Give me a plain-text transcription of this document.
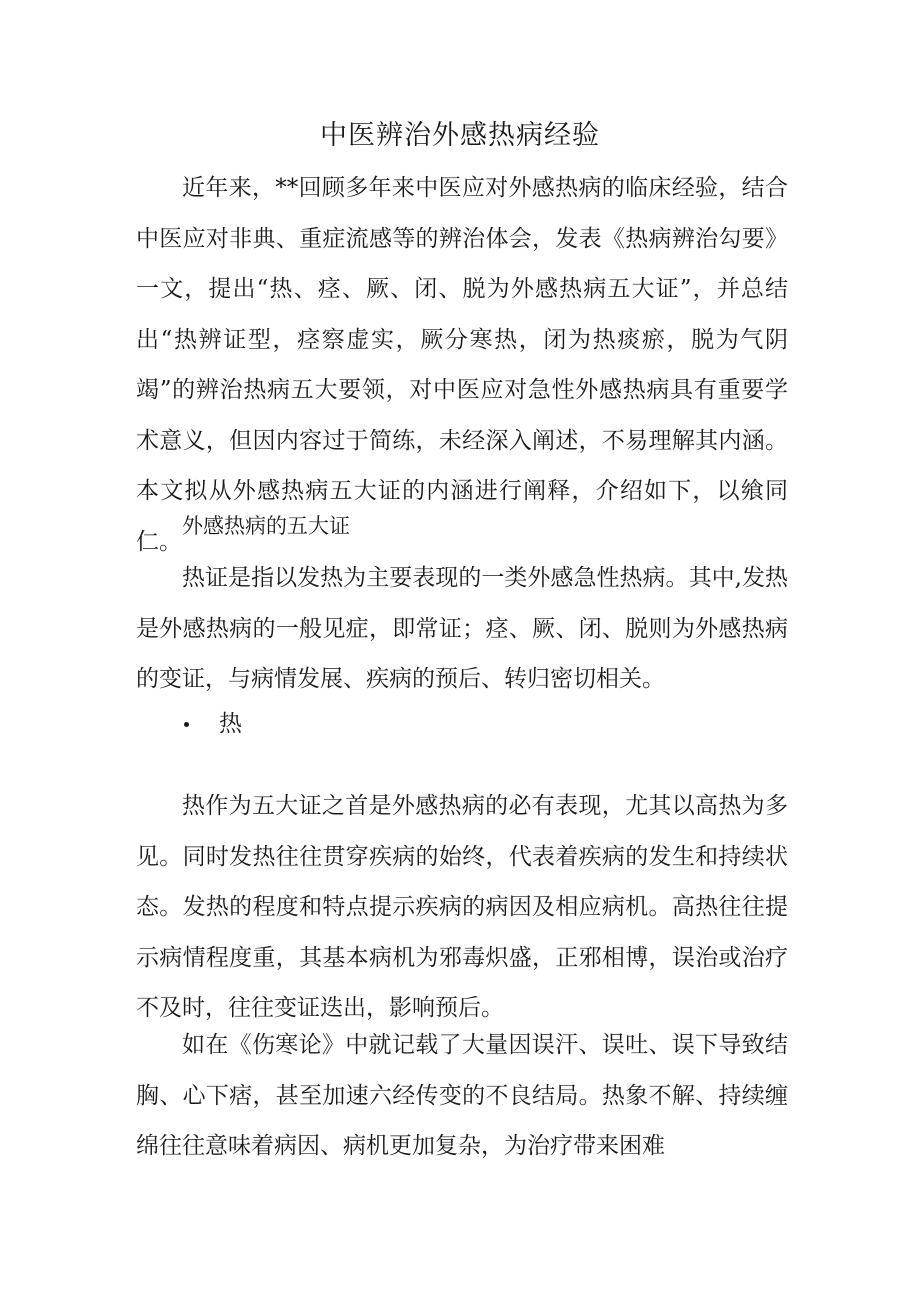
中医辨治外感热病经验

近年来，**回顾多年来中医应对外感热病的临床经验，结合中医应对非典、重症流感等的辨治体会，发表《热病辨治勾要》一文，提出“热、痉、厥、闭、脱为外感热病五大证”，并总结出“热辨证型，痉察虚实，厥分寒热，闭为热痰瘀，脱为气阴竭”的辨治热病五大要领，对中医应对急性外感热病具有重要学术意义，但因内容过于简练，未经深入阐述，不易理解其内涵。本文拟从外感热病五大证的内涵进行阐释，介绍如下，以飨同仁。

外感热病的五大证

热证是指以发热为主要表现的一类外感急性热病。其中,发热是外感热病的一般见症，即常证；痉、厥、闭、脱则为外感热病的变证，与病情发展、疾病的预后、转归密切相关。

热

热作为五大证之首是外感热病的必有表现，尤其以高热为多见。同时发热往往贯穿疾病的始终，代表着疾病的发生和持续状态。发热的程度和特点提示疾病的病因及相应病机。高热往往提示病情程度重，其基本病机为邪毒炽盛，正邪相博，误治或治疗不及时，往往变证迭出，影响预后。

如在《伤寒论》中就记载了大量因误汗、误吐、误下导致结胸、心下痞，甚至加速六经传变的不良结局。热象不解、持续缠绵往往意味着病因、病机更加复杂，为治疗带来困难
